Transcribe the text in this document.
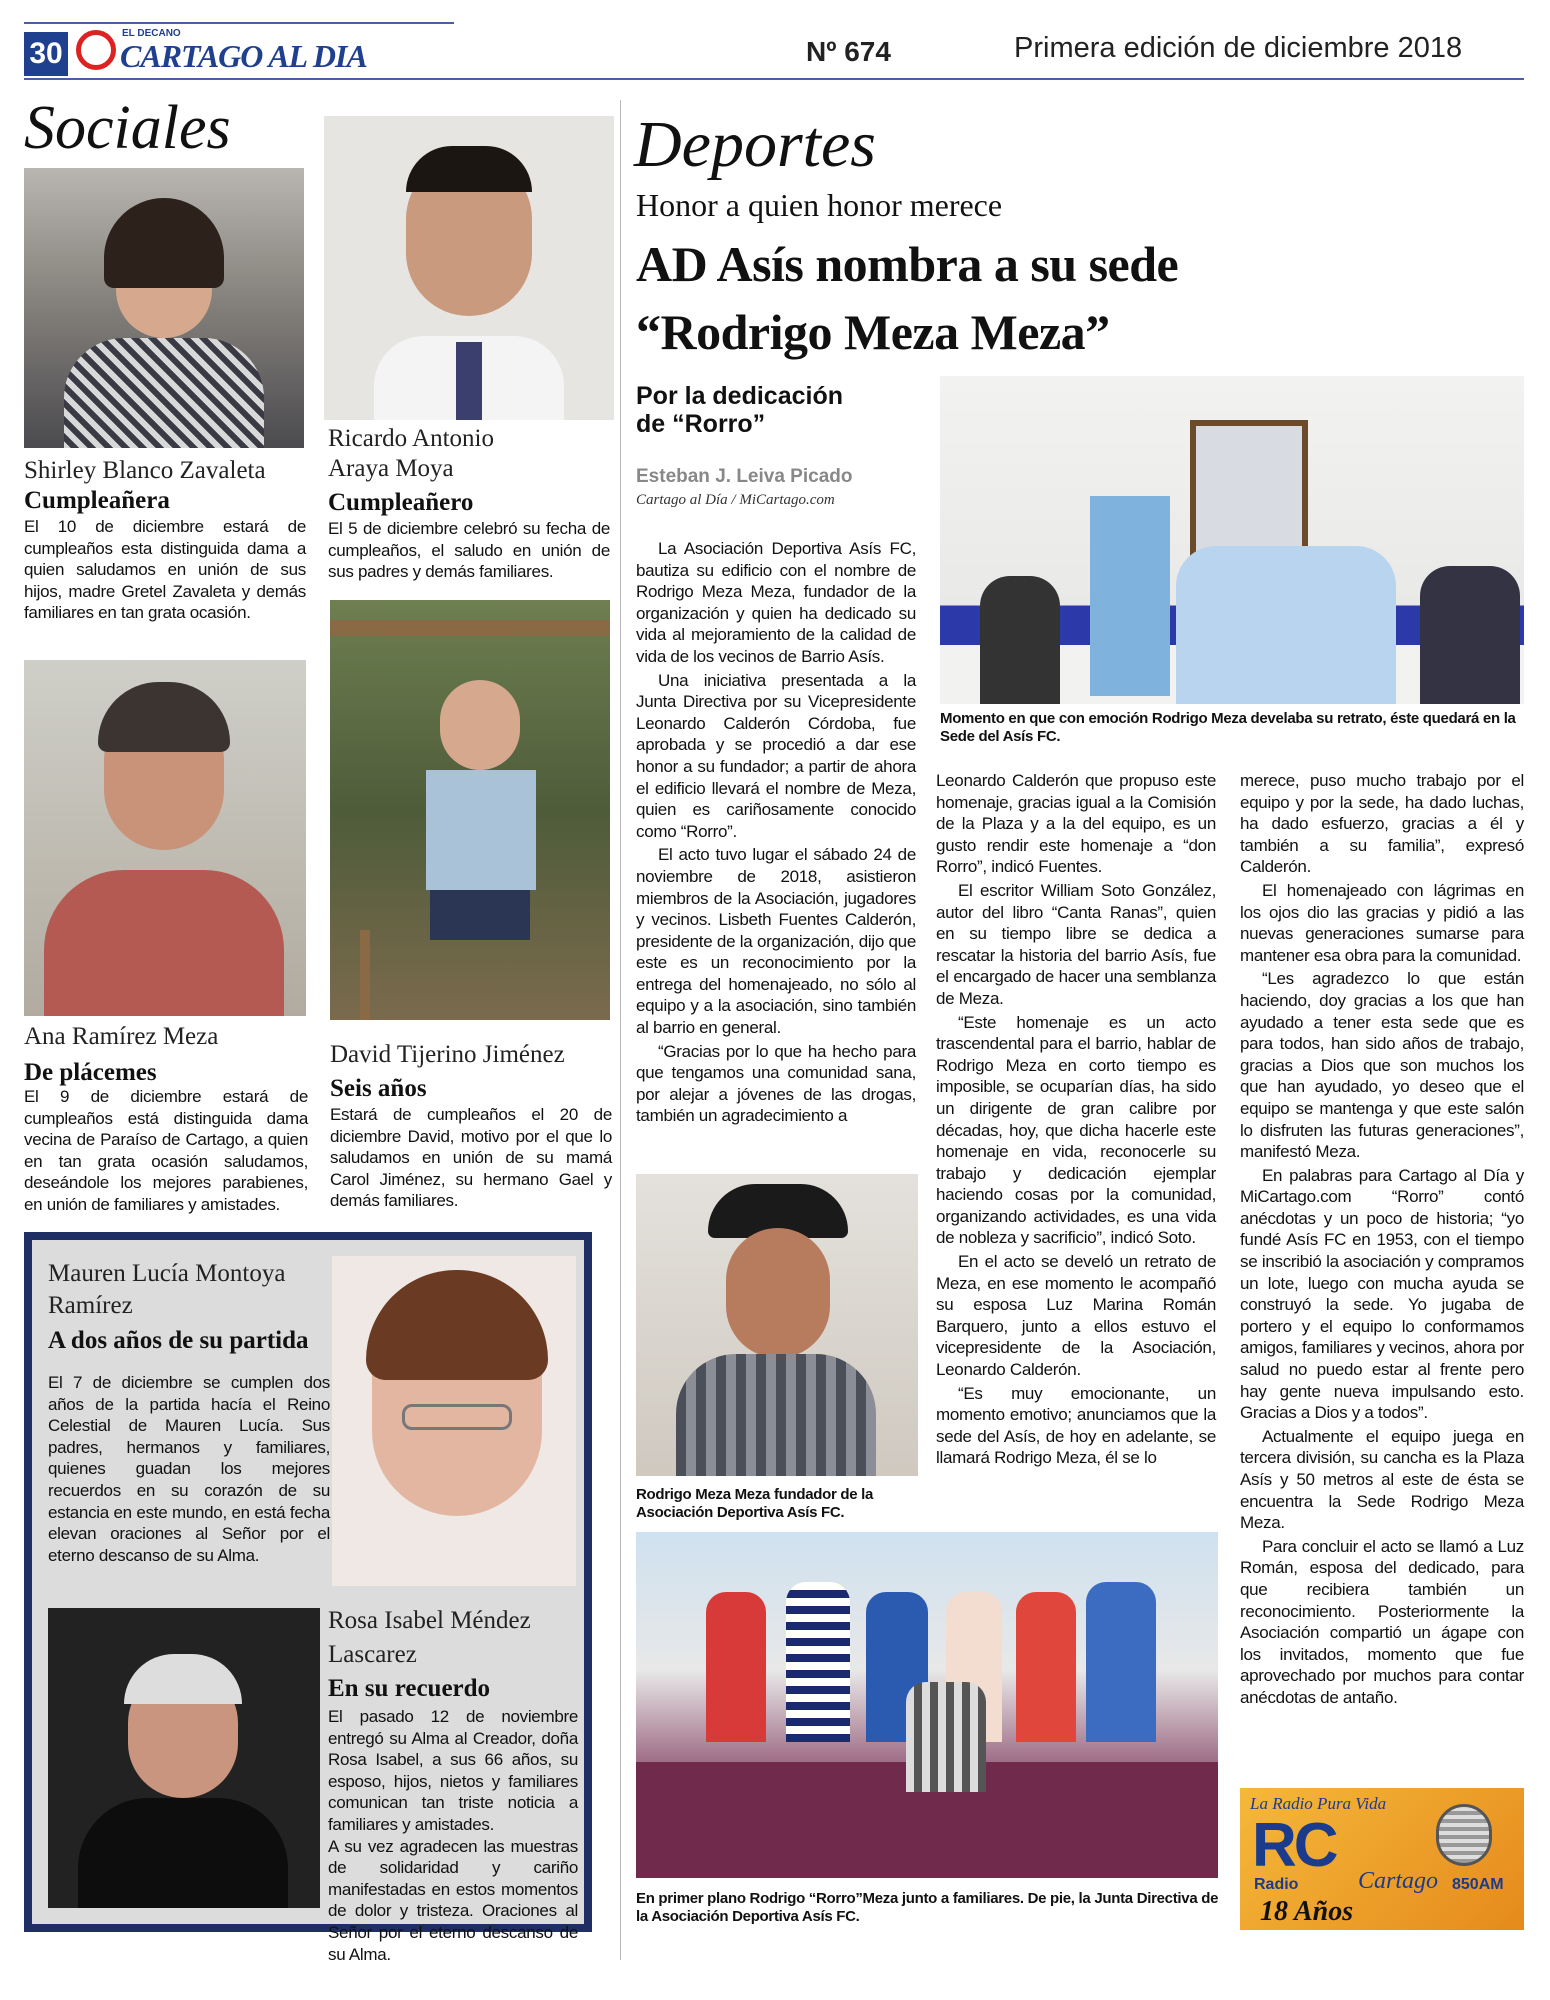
30
EL DECANO
CARTAGO AL DIA	Nº 674	Primera edición de diciembre 2018
Sociales
Shirley Blanco Zavaleta
Cumpleañera
El 10 de diciembre estará de cumpleaños esta distinguida dama a quien saludamos en unión de sus hijos, madre Gretel Zavaleta y demás familiares en tan grata ocasión.
Ricardo Antonio Araya Moya
Cumpleañero
El 5 de diciembre celebró su fecha de cumpleaños, el saludo en unión de sus padres y demás familiares.
Ana Ramírez Meza
De plácemes
El 9 de diciembre estará de cumpleaños está distinguida dama vecina de Paraíso de Cartago, a quien en tan grata ocasión saludamos, deseándole los mejores parabienes, en unión de familiares y amistades.
David Tijerino Jiménez
Seis años
Estará de cumpleaños el 20 de diciembre David, motivo por el que lo saludamos en unión de su mamá Carol Jiménez, su hermano Gael y demás familiares.
Mauren Lucía Montoya Ramírez
A dos años de su partida
El 7 de diciembre se cumplen dos años de la partida hacía el Reino Celestial de Mauren Lucía. Sus padres, hermanos y familiares, quienes guadan los mejores recuerdos en su corazón de su estancia en este mundo, en está fecha elevan oraciones al Señor por el eterno descanso de su Alma.
Rosa Isabel Méndez Lascarez
En su recuerdo
El pasado 12 de noviembre entregó su Alma al Creador, doña Rosa Isabel, a sus 66 años, su esposo, hijos, nietos y familiares comunican tan triste noticia a familiares y amistades.
A su vez agradecen las muestras de solidaridad y cariño manifestadas en estos momentos de dolor y tristeza. Oraciones al Señor por el eterno descanso de su Alma.
Deportes
Honor a quien honor merece
AD Asís nombra a su sede
“Rodrigo Meza Meza”
Por la dedicación
de “Rorro”
Esteban J. Leiva Picado
Cartago al Día / MiCartago.com

La Asociación Deportiva Asís FC, bautiza su edificio con el nombre de Rodrigo Meza Meza, fundador de la organización y quien ha dedicado su vida al mejoramiento de la calidad de vida de los vecinos de Barrio Asís.

Una iniciativa presentada a la Junta Directiva por su Vicepresidente Leonardo Calderón Córdoba, fue aprobada y se procedió a dar ese honor a su fundador; a partir de ahora el edificio llevará el nombre de Meza, quien es cariñosamente conocido como “Rorro”.

El acto tuvo lugar el sábado 24 de noviembre de 2018, asistieron miembros de la Asociación, jugadores y vecinos. Lisbeth Fuentes Calderón, presidente de la organización, dijo que este es un reconocimiento por la entrega del homenajeado, no sólo al equipo y a la asociación, sino también al barrio en general.

“Gracias por lo que ha hecho para que tengamos una comunidad sana, por alejar a jóvenes de las drogas, también un agradecimiento a

Momento en que con emoción Rodrigo Meza develaba su retrato, éste quedará en la Sede del Asís FC.

Leonardo Calderón que propuso este homenaje, gracias igual a la Comisión de la Plaza y a la del equipo, es un gusto rendir este homenaje a “don Rorro”, indicó Fuentes.

El escritor William Soto González, autor del libro “Canta Ranas”, quien en su tiempo libre se dedica a rescatar la historia del barrio Asís, fue el encargado de hacer una semblanza de Meza.

“Este homenaje es un acto trascendental para el barrio, hablar de Rodrigo Meza en corto tiempo es imposible, se ocuparían días, ha sido un dirigente de gran calibre por décadas, hoy, que dicha hacerle este homenaje en vida, reconocerle su trabajo y dedicación ejemplar haciendo cosas por la comunidad, organizando actividades, es una vida de nobleza y sacrificio”, indicó Soto.

En el acto se develó un retrato de Meza, en ese momento le acompañó su esposa Luz Marina Román Barquero, junto a ellos estuvo el vicepresidente de la Asociación, Leonardo Calderón.

“Es muy emocionante, un momento emotivo; anunciamos que la sede del Asís, de hoy en adelante, se llamará Rodrigo Meza, él se lo

merece, puso mucho trabajo por el equipo y por la sede, ha dado luchas, ha dado esfuerzo, gracias a él y también a su familia”, expresó Calderón.

El homenajeado con lágrimas en los ojos dio las gracias y pidió a las nuevas generaciones sumarse para mantener esa obra para la comunidad.

“Les agradezco lo que están haciendo, doy gracias a los que han ayudado a tener esta sede que es para todos, han sido años de trabajo, gracias a Dios que son muchos los que han ayudado, yo deseo que el equipo se mantenga y que este salón lo disfruten las futuras generaciones”, manifestó Meza.

En palabras para Cartago al Día y MiCartago.com “Rorro” contó anécdotas y un poco de historia; “yo fundé Asís FC en 1953, con el tiempo se inscribió la asociación y compramos un lote, luego con mucha ayuda se construyó la sede. Yo jugaba de portero y el equipo lo conformamos amigos, familiares y vecinos, ahora por salud no puedo estar al frente pero hay gente nueva impulsando esto. Gracias a Dios y a todos”.

Actualmente el equipo juega en tercera división, su cancha es la Plaza Asís y 50 metros al este de ésta se encuentra la Sede Rodrigo Meza Meza.

Para concluir el acto se llamó a Luz Román, esposa del dedicado, para que recibiera también un reconocimiento. Posteriormente la Asociación compartió un ágape con los invitados, momento que fue aprovechado por muchos para contar anécdotas de antaño.

Rodrigo Meza Meza fundador de la Asociación Deportiva Asís FC.
En primer plano Rodrigo “Rorro”Meza junto a familiares. De pie, la Junta Directiva de la Asociación Deportiva Asís FC.
La Radio Pura Vida
RC
Radio Cartago 850AM
18 Años
